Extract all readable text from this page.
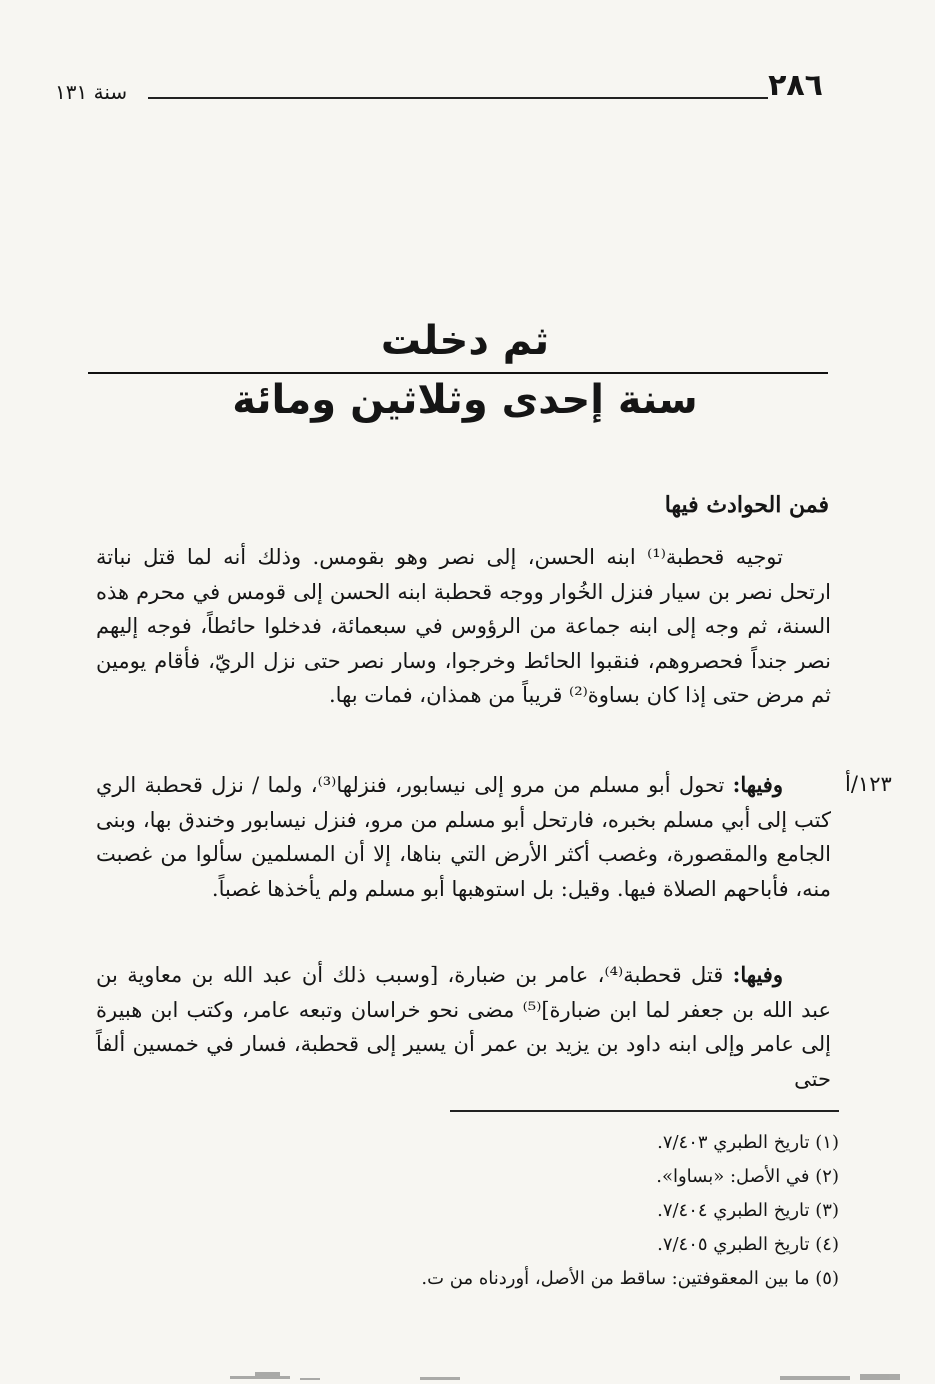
٢٨٦
سنة ١٣١
ثم دخلت
سنة إحدى وثلاثين ومائة
فمن الحوادث فيها
توجيه قحطبة⁽¹⁾ ابنه الحسن، إلى نصر وهو بقومس. وذلك أنه لما قتل نباتة ارتحل نصر بن سيار فنزل الخُوار ووجه قحطبة ابنه الحسن إلى قومس في محرم هذه السنة، ثم وجه إلى ابنه جماعة من الرؤوس في سبعمائة، فدخلوا حائطاً، فوجه إليهم نصر جنداً فحصروهم، فنقبوا الحائط وخرجوا، وسار نصر حتى نزل الريّ، فأقام يومين ثم مرض حتى إذا كان بساوة⁽²⁾ قريباً من همذان، فمات بها.
١٢٣/أ
وفيها: تحول أبو مسلم من مرو إلى نيسابور، فنزلها⁽³⁾، ولما / نزل قحطبة الري كتب إلى أبي مسلم بخبره، فارتحل أبو مسلم من مرو، فنزل نيسابور وخندق بها، وبنى الجامع والمقصورة، وغصب أكثر الأرض التي بناها، إلا أن المسلمين سألوا من غصبت منه، فأباحهم الصلاة فيها. وقيل: بل استوهبها أبو مسلم ولم يأخذها غصباً.
وفيها: قتل قحطبة⁽⁴⁾، عامر بن ضبارة، [وسبب ذلك أن عبد الله بن معاوية بن عبد الله بن جعفر لما ابن ضبارة]⁽⁵⁾ مضى نحو خراسان وتبعه عامر، وكتب ابن هبيرة إلى عامر وإلى ابنه داود بن يزيد بن عمر أن يسير إلى قحطبة، فسار في خمسين ألفاً حتى
(١) تاريخ الطبري ٧/٤٠٣.
(٢) في الأصل: «بساوا».
(٣) تاريخ الطبري ٧/٤٠٤.
(٤) تاريخ الطبري ٧/٤٠٥.
(٥) ما بين المعقوفتين: ساقط من الأصل، أوردناه من ت.
